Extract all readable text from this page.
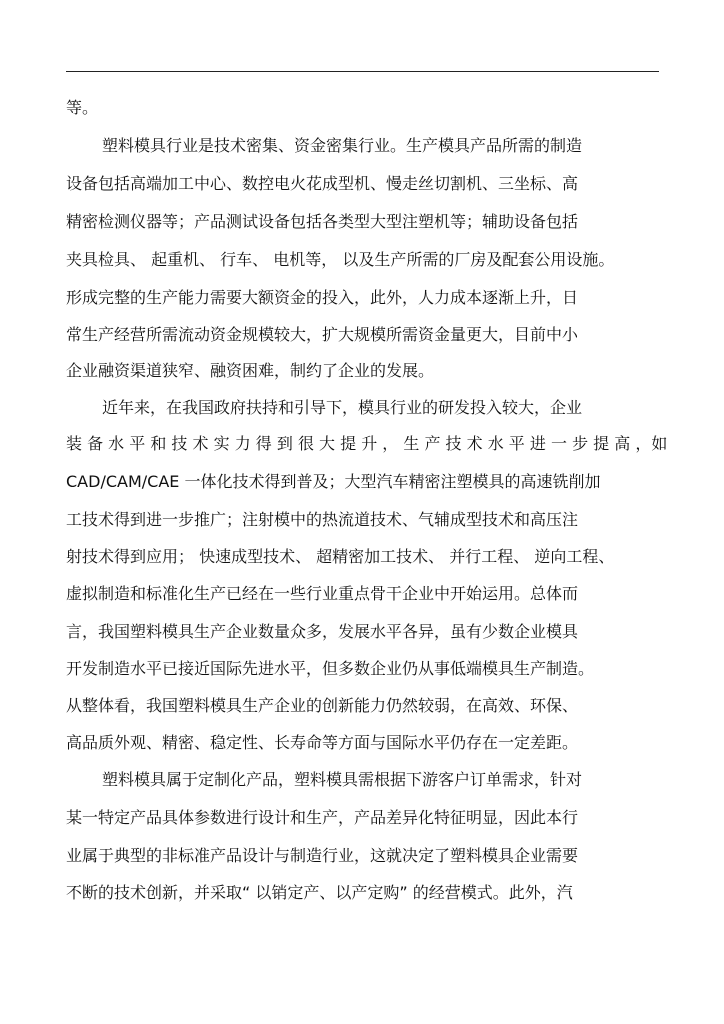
等。
塑料模具行业是技术密集、资金密集行业。生产模具产品所需的制造
设备包括高端加工中心、数控电火花成型机、慢走丝切割机、三坐标、高
精密检测仪器等；产品测试设备包括各类型大型注塑机等；辅助设备包括
夹具检具、 起重机、 行车、 电机等， 以及生产所需的厂房及配套公用设施。
形成完整的生产能力需要大额资金的投入，此外，人力成本逐渐上升，日
常生产经营所需流动资金规模较大，扩大规模所需资金量更大，目前中小
企业融资渠道狭窄、融资困难，制约了企业的发展。
近年来，在我国政府扶持和引导下，模具行业的研发投入较大，企业
装 备 水 平 和 技 术 实 力 得 到 很 大 提 升 ， 生 产 技 术 水 平 进 一 步 提 高 ，如
CAD/CAM/CAE 一体化技术得到普及；大型汽车精密注塑模具的高速铣削加
工技术得到进一步推广；注射模中的热流道技术、气辅成型技术和高压注
射技术得到应用； 快速成型技术、 超精密加工技术、 并行工程、 逆向工程、
虚拟制造和标准化生产已经在一些行业重点骨干企业中开始运用。总体而
言，我国塑料模具生产企业数量众多，发展水平各异，虽有少数企业模具
开发制造水平已接近国际先进水平，但多数企业仍从事低端模具生产制造。
从整体看，我国塑料模具生产企业的创新能力仍然较弱，在高效、环保、
高品质外观、精密、稳定性、长寿命等方面与国际水平仍存在一定差距。
塑料模具属于定制化产品，塑料模具需根据下游客户订单需求，针对
某一特定产品具体参数进行设计和生产，产品差异化特征明显，因此本行
业属于典型的非标准产品设计与制造行业，这就决定了塑料模具企业需要
不断的技术创新，并采取“ 以销定产、以产定购” 的经营模式。此外，汽
